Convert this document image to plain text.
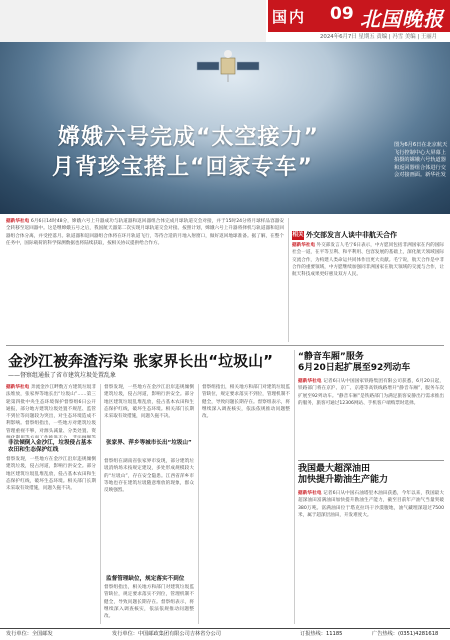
国内 09 北国晚报
2024年6月7日 星期五 责编 | 冯雪 美编 | 王丽月
嫦娥六号完成“太空接力”
月背珍宝搭上“回家专车”
图为6月6日在北京航天飞行控制中心大屏幕上拍摄的嫦娥六号轨道器和返回器组合体进行交会对接画面。新华社发
据新华社电 6月6日14时48分，嫦娥六号上升器成功与轨道器和返回器组合体完成月球轨道交会对接，并于15时24分将月球样品容器安全转移至返回器中。这是继嫦娥五号之后，我国航天器第二次实现月球轨道交会对接。按照计划，嫦娥六号上升器将择机与轨道器和返回器组合体分离，并受控落月。轨道器和返回器组合体将在环月轨道飞行，等待合适的月地入射窗口，做好返回地球准备。据了解，在整个任务中，国际载荷的科学探测数据也将陆续获取，按相关协议提供给合作方。
相关 外交部发言人谈中非航天合作
据新华社电 外交部发言人毛宁6日表示，中方愿同包括非洲国家在内的国际社会一道，在平等互利、和平利用、包容发展的基础上，深化航天领域国际交流合作，为构建人类命运共同体作出更大贡献。毛宁说，航天合作是中非合作的重要领域，中方愿继续加强同非洲国家在航天领域的交流与合作，让航天科技成果更好惠及双方人民。
金沙江被奔渣污染 张家界长出“垃圾山”
——督察组通报了省市建筑垃圾处置乱象
据新华社电 奔流金沙江畔数万方建筑垃圾非法堆放，张家界等地长出“垃圾山”……第三轮第四批中央生态环境保护督察组6日公开通报，部分地方建筑垃圾处置不规范、监管不到位等问题较为突出，对生态环境造成不利影响。督察组指出，一些地方对建筑垃圾管理重视不够，对源头减量、分类处置、资
非法倾倒入金沙江，垃圾侵占基本农田和生态保护红线
督察发现，一些地方在金沙江沿岸违规倾倒建筑垃圾，侵占河道，影响行洪安全。部分地区建筑垃圾乱堆乱放，侵占基本农田和生态保护红线，破坏生态环境。相关部门长期未采取有效措施，问题久拖不决。
督察发现，一些地方在金沙江沿岸违规倾倒建筑垃圾，侵占河道，影响行洪安全。部分地区建筑垃圾乱堆乱放，侵占基本农田和生态保护红线，破坏生态环境。相关部门长期未采取有效措施，问题久拖不决。
张家界、萍乡等城市长出“垃圾山”
督察组在湖南省张家界市发现，部分建筑垃圾消纳场未按规定建设，多处形成规模较大的“垃圾山”，存在安全隐患。江西省萍乡市等地也存在建筑垃圾随意堆放的现象，群众反映强烈。
监督管理缺位，规定落实不到位
督察组指出，相关地方和部门对建筑垃圾监管缺位，规定要求落实不到位，管理机制不健全，导致问题长期存在。督察组表示，将继续深入调查核实，依法依规推动问题整改。
督察组指出，相关地方和部门对建筑垃圾监管缺位，规定要求落实不到位，管理机制不健全，导致问题长期存在。督察组表示，将继续深入调查核实，依法依规推动问题整改。
“静音车厢”服务
6月20日起扩展至92列动车
据新华社电 记者6日从中国国家铁路集团有限公司获悉，6月20日起，铁路部门将在京沪、京广、京港等高铁线路增开“静音车厢”，服务车次扩展至92列动车。“静音车厢”是铁路部门为满足旅客安静出行需求推出的服务，旅客可通过12306网站、手机客户端购票时选择。
我国最大超深油田
加快提升勘油生产能力
据新华社电 记者6日从中国石油塔里木油田获悉，今年以来，我国最大超深油田富满油田加快提升勘油生产能力，截至目前年产油气当量突破380万吨。富满油田位于塔克拉玛干沙漠腹地，油气藏埋深超过7500米，属于超深层油田，开发难度大。
发行单位：全国邮发	发行单位：中国邮政集团有限公司吉林省分公司	订报热线：11185	广告热线：(0351)4281618
